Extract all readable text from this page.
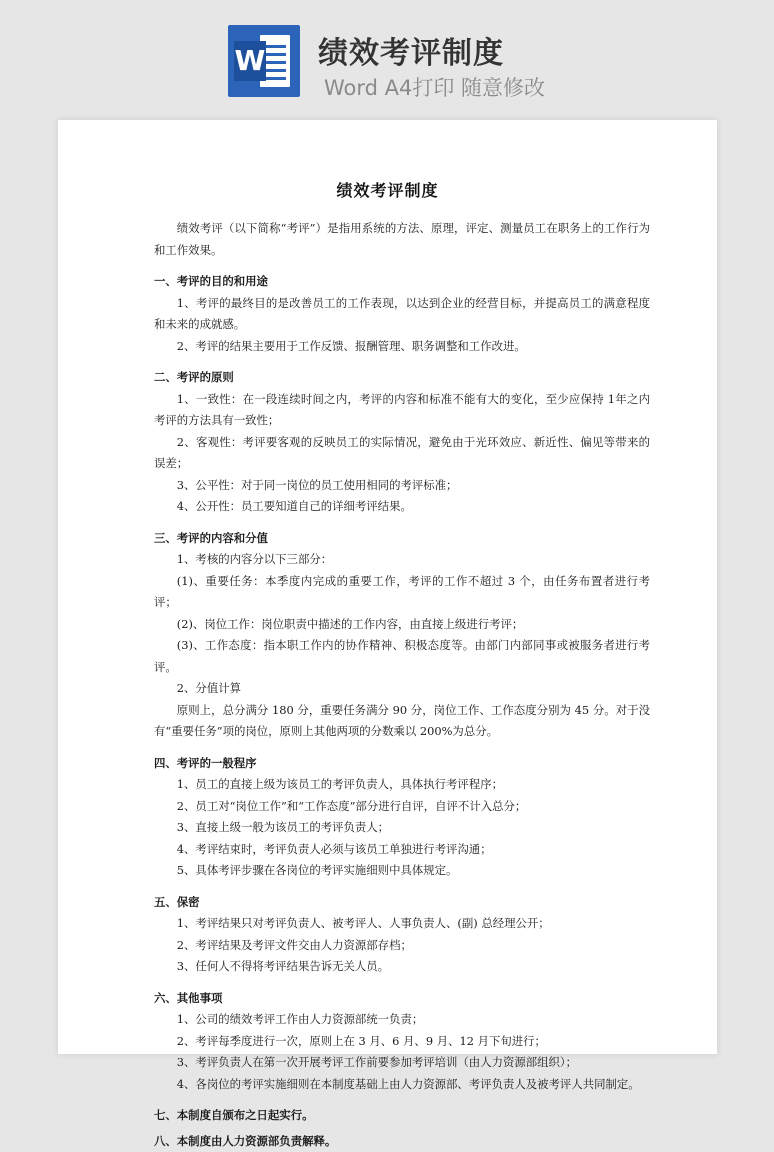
W 绩效考评制度
Word A4打印 随意修改
绩效考评制度

绩效考评（以下简称“考评”）是指用系统的方法、原理，评定、测量员工在职务上的工作行为和工作效果。

一、考评的目的和用途

1、考评的最终目的是改善员工的工作表现，以达到企业的经营目标，并提高员工的满意程度和未来的成就感。

2、考评的结果主要用于工作反馈、报酬管理、职务调整和工作改进。

二、考评的原则

1、一致性：在一段连续时间之内，考评的内容和标准不能有大的变化，至少应保持 1年之内考评的方法具有一致性；

2、客观性：考评要客观的反映员工的实际情况，避免由于光环效应、新近性、偏见等带来的误差；

3、公平性：对于同一岗位的员工使用相同的考评标准；

4、公开性：员工要知道自己的详细考评结果。

三、考评的内容和分值

1、考核的内容分以下三部分：

(1)、重要任务：本季度内完成的重要工作，考评的工作不超过 3 个，由任务布置者进行考评；

(2)、岗位工作：岗位职责中描述的工作内容，由直接上级进行考评；

(3)、工作态度：指本职工作内的协作精神、积极态度等。由部门内部同事或被服务者进行考评。

2、分值计算

原则上，总分满分 180 分，重要任务满分 90 分，岗位工作、工作态度分别为 45 分。对于没有“重要任务”项的岗位，原则上其他两项的分数乘以 200%为总分。

四、考评的一般程序

1、员工的直接上级为该员工的考评负责人，具体执行考评程序；

2、员工对“岗位工作”和“工作态度”部分进行自评，自评不计入总分；

3、直接上级一般为该员工的考评负责人；

4、考评结束时，考评负责人必须与该员工单独进行考评沟通；

5、具体考评步骤在各岗位的考评实施细则中具体规定。

五、保密

1、考评结果只对考评负责人、被考评人、人事负责人、(副) 总经理公开；

2、考评结果及考评文件交由人力资源部存档；

3、任何人不得将考评结果告诉无关人员。

六、其他事项

1、公司的绩效考评工作由人力资源部统一负责；

2、考评每季度进行一次，原则上在 3 月、6 月、9 月、12 月下旬进行；

3、考评负责人在第一次开展考评工作前要参加考评培训（由人力资源部组织）；

4、各岗位的考评实施细则在本制度基础上由人力资源部、考评负责人及被考评人共同制定。

七、本制度自颁布之日起实行。

八、本制度由人力资源部负责解释。
